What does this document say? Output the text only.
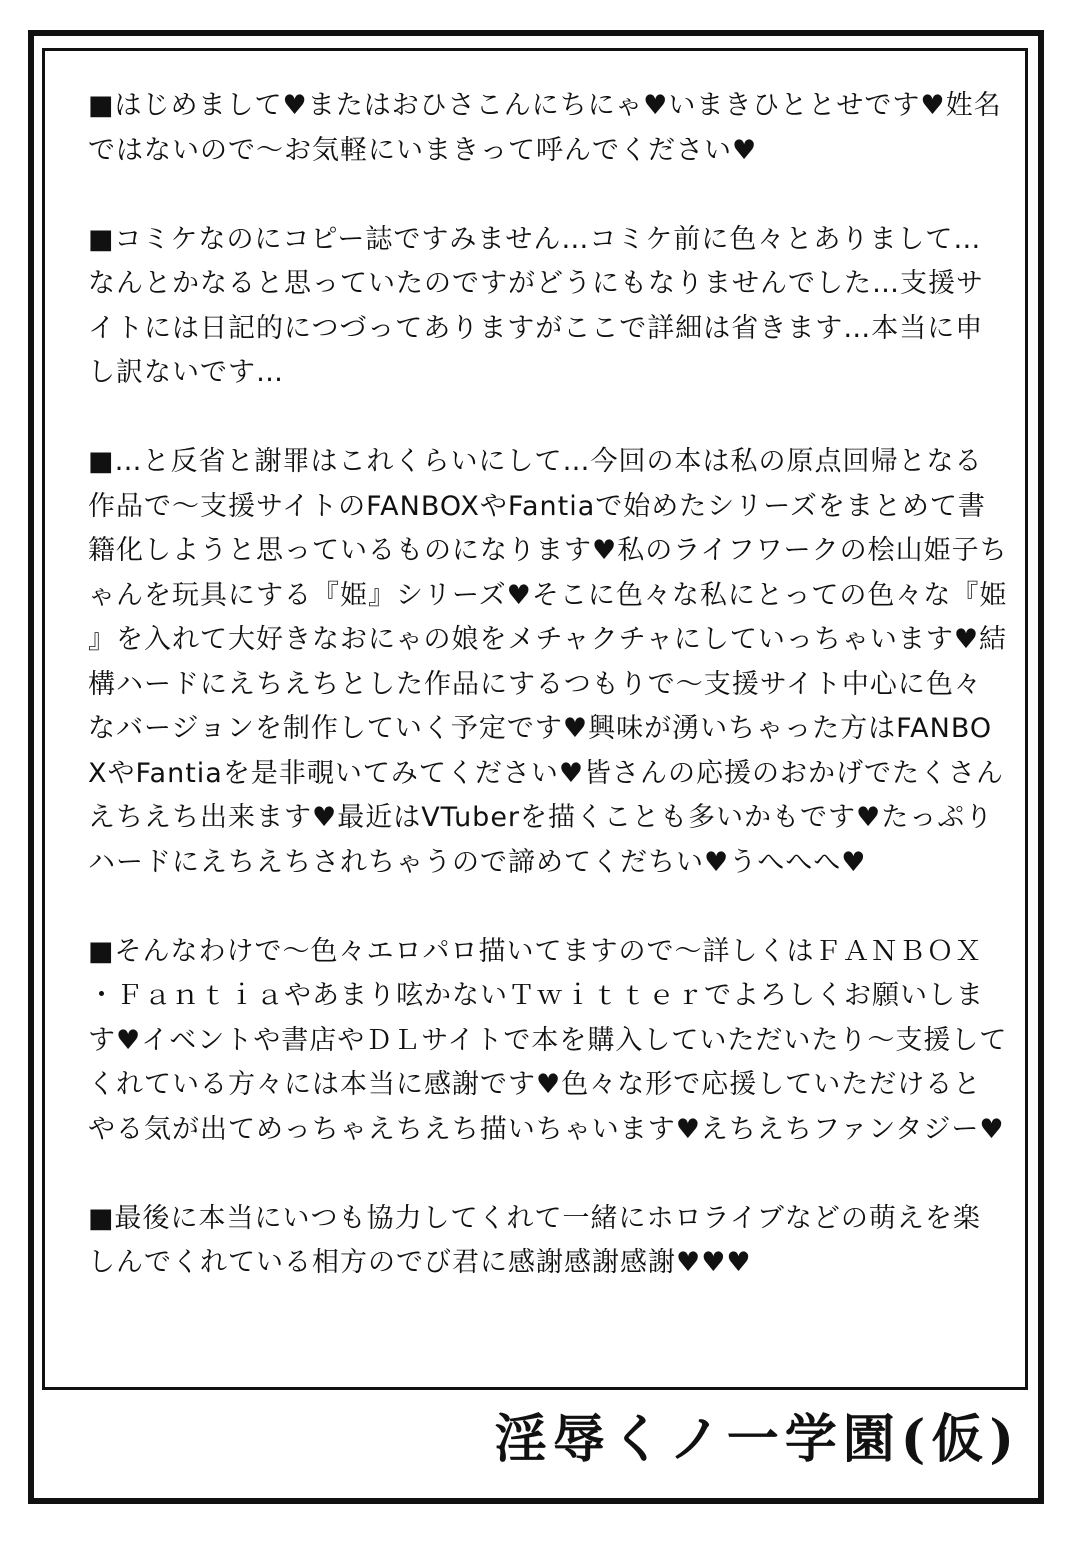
■はじめまして♥またはおひさこんにちにゃ♥いまきひととせです♥姓名ではないので～お気軽にいまきって呼んでください♥

■コミケなのにコピー誌ですみません…コミケ前に色々とありまして…なんとかなると思っていたのですがどうにもなりませんでした…支援サイトには日記的につづってありますがここで詳細は省きます…本当に申し訳ないです…

■…と反省と謝罪はこれくらいにして…今回の本は私の原点回帰となる作品で～支援サイトのFANBOXやFantiaで始めたシリーズをまとめて書籍化しようと思っているものになります♥私のライフワークの桧山姫子ちゃんを玩具にする『姫』シリーズ♥そこに色々な私にとっての色々な『姫』を入れて大好きなおにゃの娘をメチャクチャにしていっちゃいます♥結構ハードにえちえちとした作品にするつもりで～支援サイト中心に色々なバージョンを制作していく予定です♥興味が湧いちゃった方はFANBOXやFantiaを是非覗いてみてください♥皆さんの応援のおかげでたくさんえちえち出来ます♥最近はVTuberを描くことも多いかもです♥たっぷりハードにえちえちされちゃうので諦めてくだちい♥うへへへ♥

■そんなわけで～色々エロパロ描いてますので～詳しくはＦＡＮＢＯＸ・Ｆａｎｔｉａやあまり呟かないＴｗｉｔｔｅｒでよろしくお願いします♥イベントや書店やＤＬサイトで本を購入していただいたり～支援してくれている方々には本当に感謝です♥色々な形で応援していただけるとやる気が出てめっちゃえちえち描いちゃいます♥えちえちファンタジー♥

■最後に本当にいつも協力してくれて一緒にホロライブなどの萌えを楽しんでくれている相方のでび君に感謝感謝感謝♥♥♥

淫辱くノ一学園(仮)
